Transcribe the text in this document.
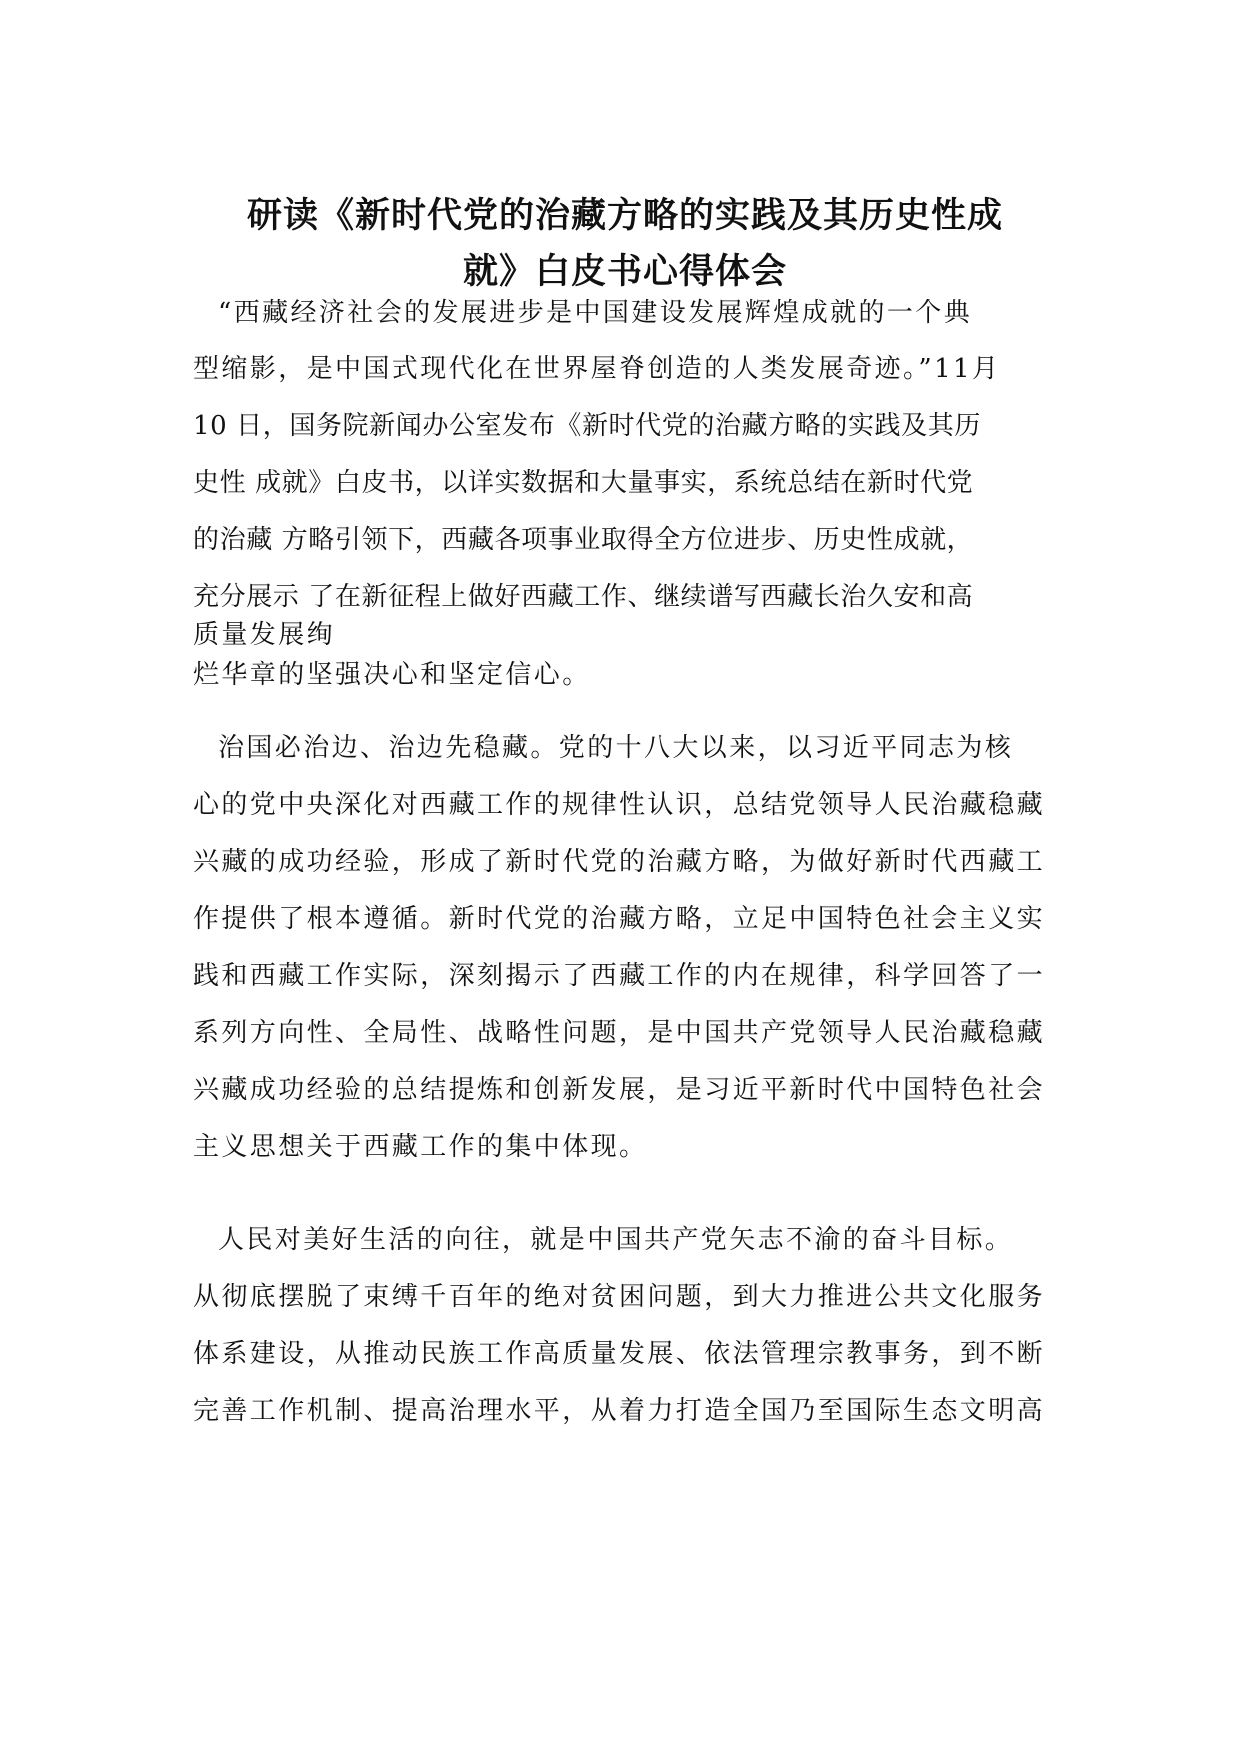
研读《新时代党的治藏方略的实践及其历史性成
就》白皮书心得体会
“西藏经济社会的发展进步是中国建设发展辉煌成就的一个典
型缩影，是中国式现代化在世界屋脊创造的人类发展奇迹。”11月
10 日，国务院新闻办公室发布《新时代党的治藏方略的实践及其历
史性 成就》白皮书，以详实数据和大量事实，系统总结在新时代党
的治藏 方略引领下，西藏各项事业取得全方位进步、历史性成就，
充分展示 了在新征程上做好西藏工作、继续谱写西藏长治久安和高
质量发展绚
烂华章的坚强决心和坚定信心。
治国必治边、治边先稳藏。党的十八大以来，以习近平同志为核
心的党中央深化对西藏工作的规律性认识，总结党领导人民治藏稳藏
兴藏的成功经验，形成了新时代党的治藏方略，为做好新时代西藏工
作提供了根本遵循。新时代党的治藏方略，立足中国特色社会主义实
践和西藏工作实际，深刻揭示了西藏工作的内在规律，科学回答了一
系列方向性、全局性、战略性问题，是中国共产党领导人民治藏稳藏
兴藏成功经验的总结提炼和创新发展，是习近平新时代中国特色社会
主义思想关于西藏工作的集中体现。
人民对美好生活的向往，就是中国共产党矢志不渝的奋斗目标。
从彻底摆脱了束缚千百年的绝对贫困问题，到大力推进公共文化服务
体系建设，从推动民族工作高质量发展、依法管理宗教事务，到不断
完善工作机制、提高治理水平，从着力打造全国乃至国际生态文明高
